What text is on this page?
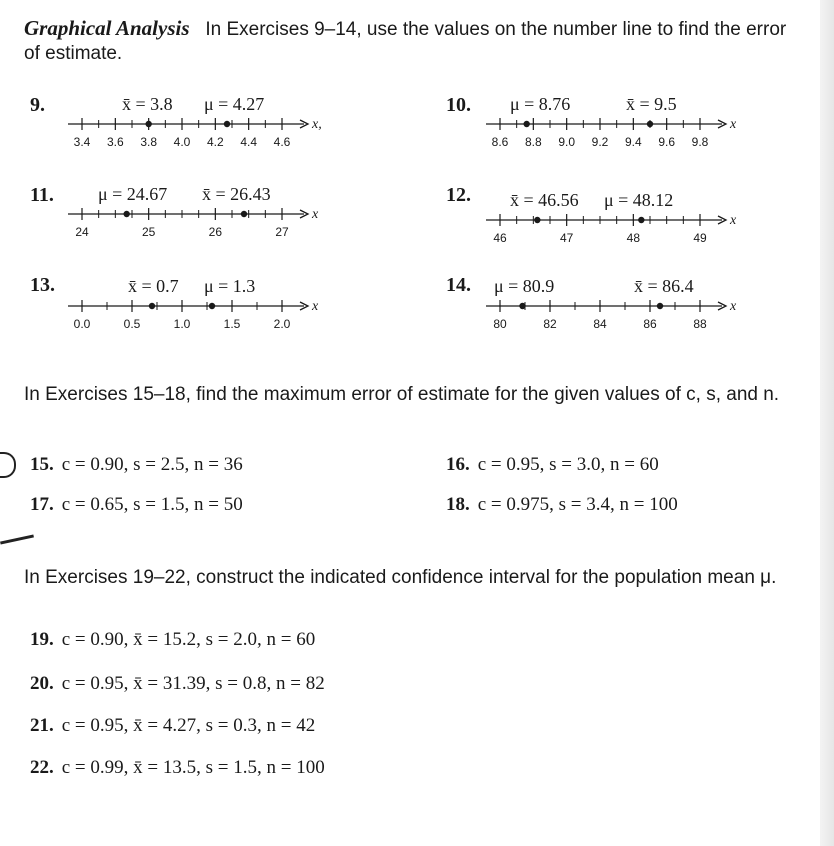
Graphical Analysis In Exercises 9–14, use the values on the number line to find the error of estimate.
9.	x̄ = 3.8 μ = 4.27
x,
3.4 3.6 3.8 4.0 4.2 4.4 4.6
10. μ = 8.76	x̄ = 9.5
x
8.6 8.8 9.0 9.2 9.4 9.6 9.8
11. μ = 24.67 x̄ = 26.43
x
24	25	26	27
12. x̄ = 46.56 μ = 48.12
x
46	47	48	49
13.	x̄ = 0.7 μ = 1.3
x
0.0	0.5	1.0	1.5	2.0
14. μ = 80.9	x̄ = 86.4
x
80	82	84	86	88
In Exercises 15–18, find the maximum error of estimate for the given values of c, s, and n.
15. c = 0.90, s = 2.5, n = 36	16. c = 0.95, s = 3.0, n = 60
17. c = 0.65, s = 1.5, n = 50	18. c = 0.975, s = 3.4, n = 100
In Exercises 19–22, construct the indicated confidence interval for the population mean μ.
19. c = 0.90, x̄ = 15.2, s = 2.0, n = 60
20. c = 0.95, x̄ = 31.39, s = 0.8, n = 82
21. c = 0.95, x̄ = 4.27, s = 0.3, n = 42
22. c = 0.99, x̄ = 13.5, s = 1.5, n = 100
